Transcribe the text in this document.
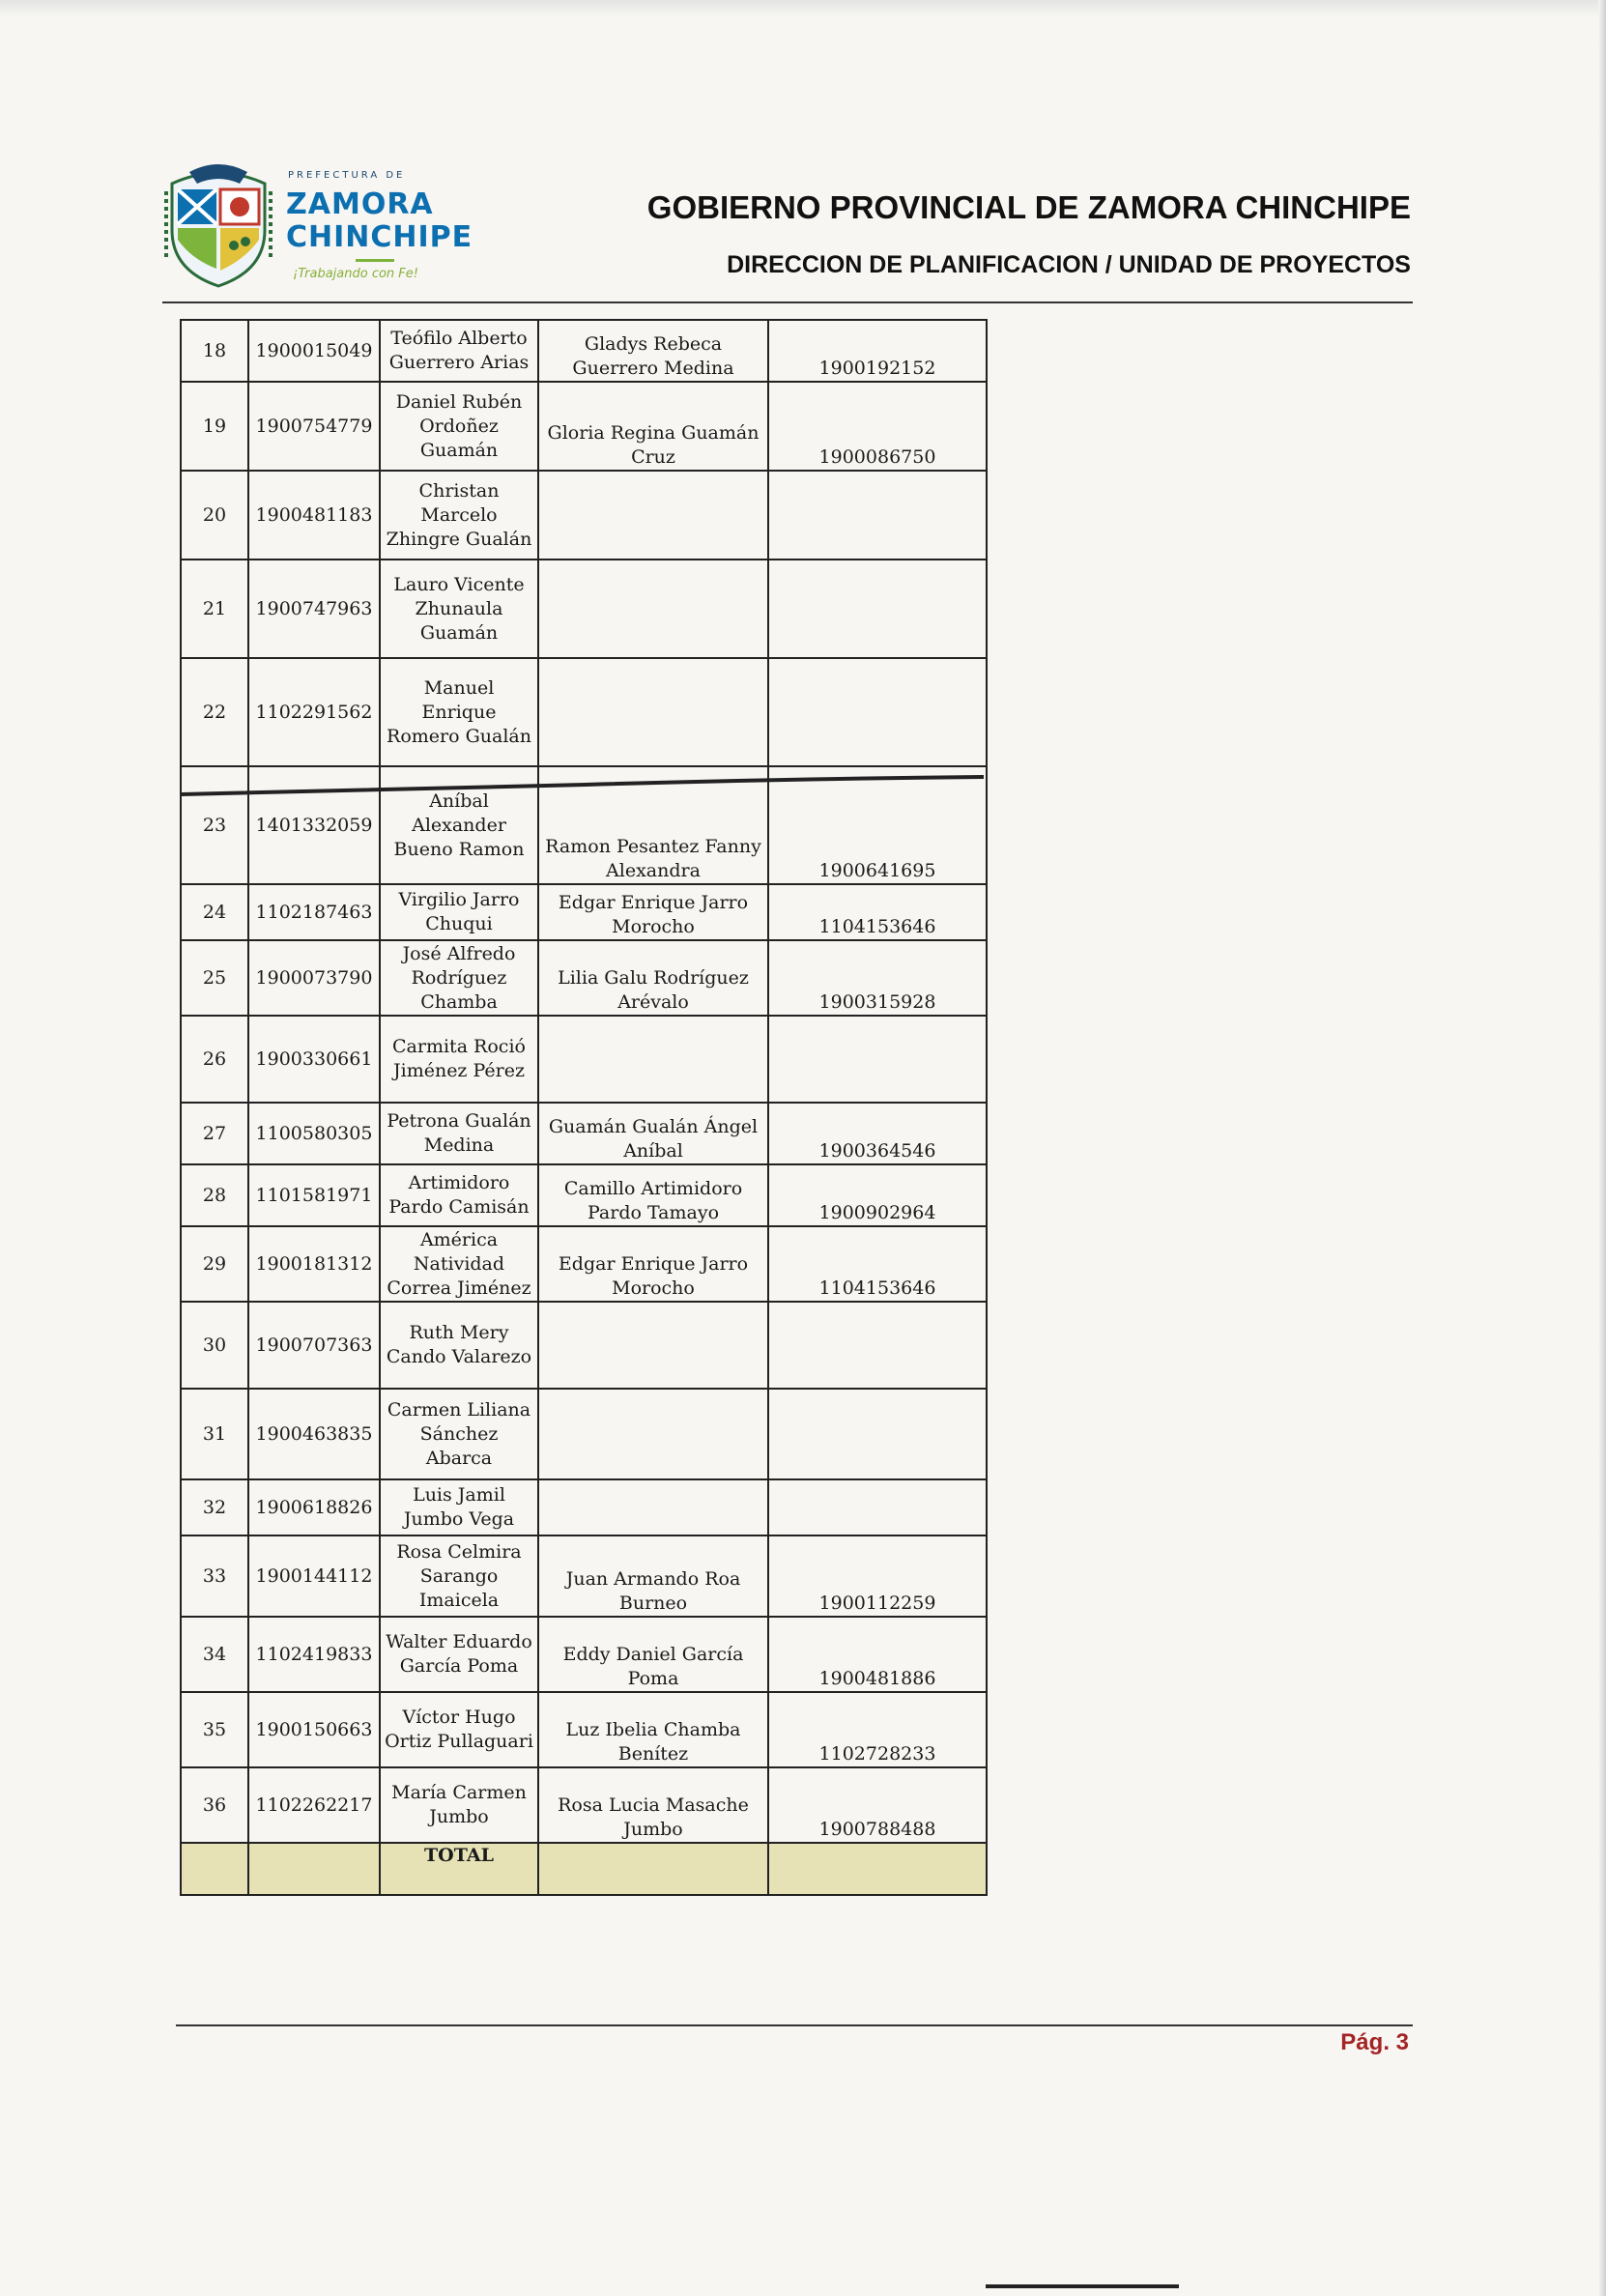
PREFECTURA DE
ZAMORA
CHINCHIPE
¡Trabajando con Fe!
GOBIERNO PROVINCIAL DE ZAMORA CHINCHIPE
DIRECCION DE PLANIFICACION / UNIDAD DE PROYECTOS
18	1900015049	Teófilo Alberto Guerrero Arias	Gladys Rebeca Guerrero Medina	1900192152
19	1900754779	Daniel Rubén Ordoñez Guamán	Gloria Regina Guamán Cruz	1900086750
20	1900481183	Christan Marcelo Zhingre Gualán		
21	1900747963	Lauro Vicente Zhunaula Guamán		
22	1102291562	Manuel Enrique Romero Gualán		
23	1401332059	Aníbal Alexander Bueno Ramon	Ramon Pesantez Fanny Alexandra	1900641695
24	1102187463	Virgilio Jarro Chuqui	Edgar Enrique Jarro Morocho	1104153646
25	1900073790	José Alfredo Rodríguez Chamba	Lilia Galu Rodríguez Arévalo	1900315928
26	1900330661	Carmita Roció Jiménez Pérez		
27	1100580305	Petrona Gualán Medina	Guamán Gualán Ángel Aníbal	1900364546
28	1101581971	Artimidoro Pardo Camisán	Camillo Artimidoro Pardo Tamayo	1900902964
29	1900181312	América Natividad Correa Jiménez	Edgar Enrique Jarro Morocho	1104153646
30	1900707363	Ruth Mery Cando Valarezo		
31	1900463835	Carmen Liliana Sánchez Abarca		
32	1900618826	Luis Jamil Jumbo Vega		
33	1900144112	Rosa Celmira Sarango Imaicela	Juan Armando Roa Burneo	1900112259
34	1102419833	Walter Eduardo García Poma	Eddy Daniel García Poma	1900481886
35	1900150663	Víctor Hugo Ortiz Pullaguari	Luz Ibelia Chamba Benítez	1102728233
36	1102262217	María Carmen Jumbo	Rosa Lucia Masache Jumbo	1900788488
		TOTAL		
Pág. 3
